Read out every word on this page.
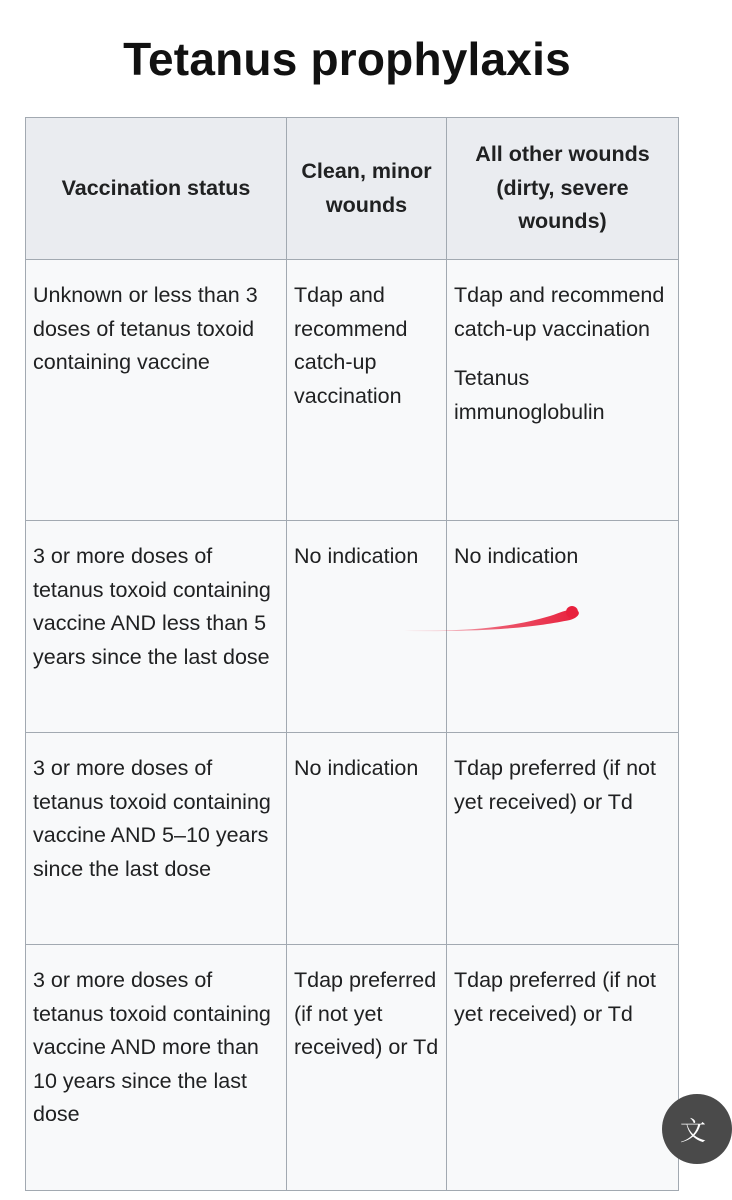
Tetanus prophylaxis
Vaccination status	Clean, minor wounds	All other wounds (dirty, severe wounds)
Unknown or less than 3 doses of tetanus toxoid containing vaccine	Tdap and recommend catch-up vaccination	Tdap and recommend catch-up vaccination
Tetanus immunoglobulin

3 or more doses of tetanus toxoid containing vaccine AND less than 5 years since the last dose	No indication	No indication
3 or more doses of tetanus toxoid containing vaccine AND 5–10 years since the last dose	No indication	Tdap preferred (if not yet received) or Td
3 or more doses of tetanus toxoid containing vaccine AND more than 10 years since the last dose	Tdap preferred (if not yet received) or Td	Tdap preferred (if not yet received) or Td
文
